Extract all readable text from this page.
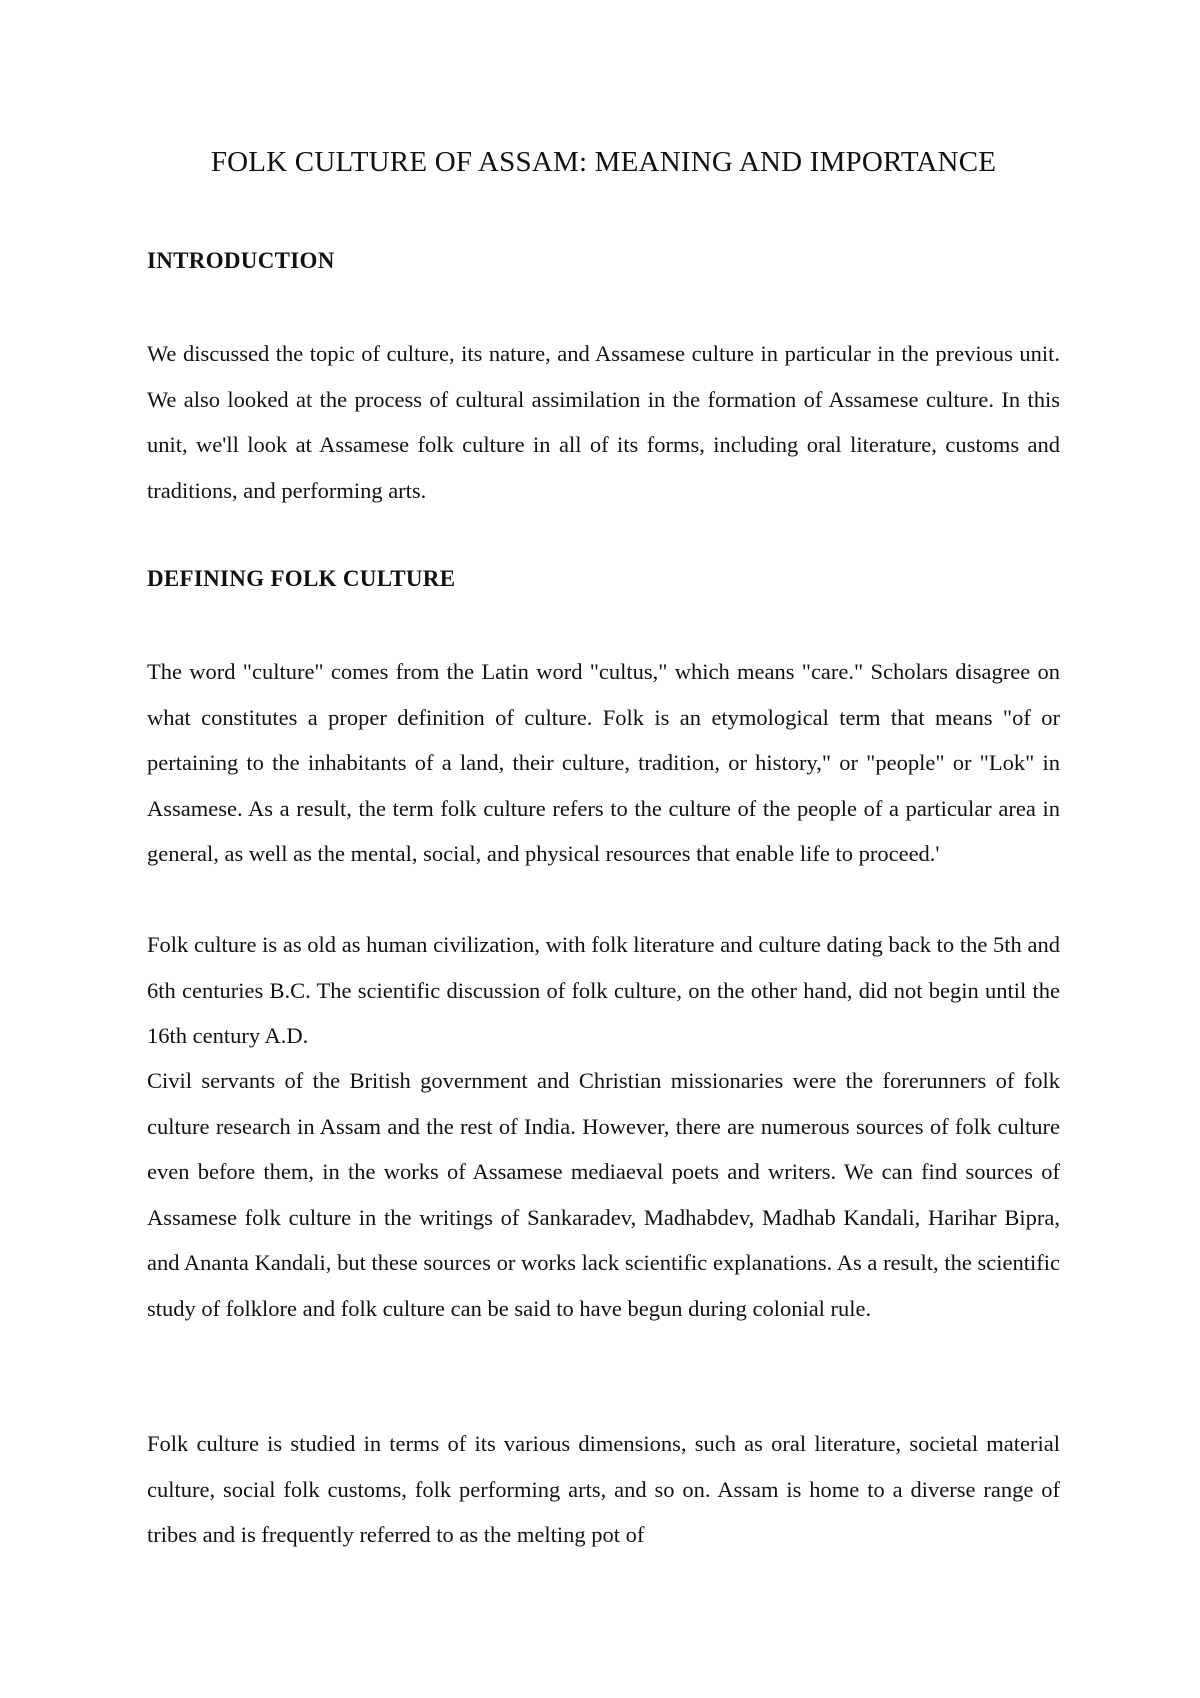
FOLK CULTURE OF ASSAM: MEANING AND IMPORTANCE
INTRODUCTION

We discussed the topic of culture, its nature, and Assamese culture in particular in the previous unit. We also looked at the process of cultural assimilation in the formation of Assamese culture. In this unit, we'll look at Assamese folk culture in all of its forms, including oral literature, customs and traditions, and performing arts.

DEFINING FOLK CULTURE

The word "culture" comes from the Latin word "cultus," which means "care." Scholars disagree on what constitutes a proper definition of culture. Folk is an etymological term that means "of or pertaining to the inhabitants of a land, their culture, tradition, or history," or "people" or "Lok" in Assamese. As a result, the term folk culture refers to the culture of the people of a particular area in general, as well as the mental, social, and physical resources that enable life to proceed.'

Folk culture is as old as human civilization, with folk literature and culture dating back to the 5th and 6th centuries B.C. The scientific discussion of folk culture, on the other hand, did not begin until the 16th century A.D.

Civil servants of the British government and Christian missionaries were the forerunners of folk culture research in Assam and the rest of India. However, there are numerous sources of folk culture even before them, in the works of Assamese mediaeval poets and writers. We can find sources of Assamese folk culture in the writings of Sankaradev, Madhabdev, Madhab Kandali, Harihar Bipra, and Ananta Kandali, but these sources or works lack scientific explanations. As a result, the scientific study of folklore and folk culture can be said to have begun during colonial rule.

Folk culture is studied in terms of its various dimensions, such as oral literature, societal material culture, social folk customs, folk performing arts, and so on. Assam is home to a diverse range of tribes and is frequently referred to as the melting pot of
